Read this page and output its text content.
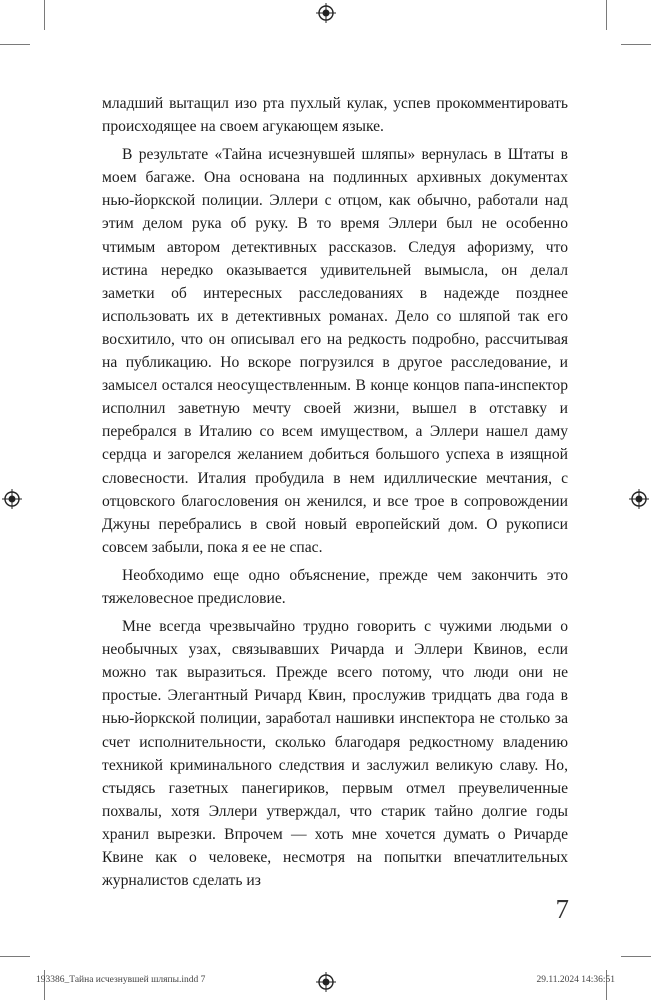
младший вытащил изо рта пухлый кулак, успев прокомментировать происходящее на своем агукающем языке.

В результате «Тайна исчезнувшей шляпы» вернулась в Штаты в моем багаже. Она основана на подлинных архивных документах нью-йоркской полиции. Эллери с отцом, как обычно, работали над этим делом рука об руку. В то время Эллери был не особенно чтимым автором детективных рассказов. Следуя афоризму, что истина нередко оказывается удивительней вымысла, он делал заметки об интересных расследованиях в надежде позднее использовать их в детективных романах. Дело со шляпой так его восхитило, что он описывал его на редкость подробно, рассчитывая на публикацию. Но вскоре погрузился в другое расследование, и замысел остался неосуществленным. В конце концов папа-инспектор исполнил заветную мечту своей жизни, вышел в отставку и перебрался в Италию со всем имуществом, а Эллери нашел даму сердца и загорелся желанием добиться большого успеха в изящной словесности. Италия пробудила в нем идиллические мечтания, с отцовского благословения он женился, и все трое в сопровождении Джуны перебрались в свой новый европейский дом. О рукописи совсем забыли, пока я ее не спас.

Необходимо еще одно объяснение, прежде чем закончить это тяжеловесное предисловие.

Мне всегда чрезвычайно трудно говорить с чужими людьми о необычных узах, связывавших Ричарда и Эллери Квинов, если можно так выразиться. Прежде всего потому, что люди они не простые. Элегантный Ричард Квин, прослужив тридцать два года в нью-йоркской полиции, заработал нашивки инспектора не столько за счет исполнительности, сколько благодаря редкостному владению техникой криминального следствия и заслужил великую славу. Но, стыдясь газетных панегириков, первым отмел преувеличенные похвалы, хотя Эллери утверждал, что старик тайно долгие годы хранил вырезки. Впрочем — хоть мне хочется думать о Ричарде Квине как о человеке, несмотря на попытки впечатлительных журналистов сделать из

7
193386_Тайна исчезнувшей шляпы.indd 7	29.11.2024 14:36:51
